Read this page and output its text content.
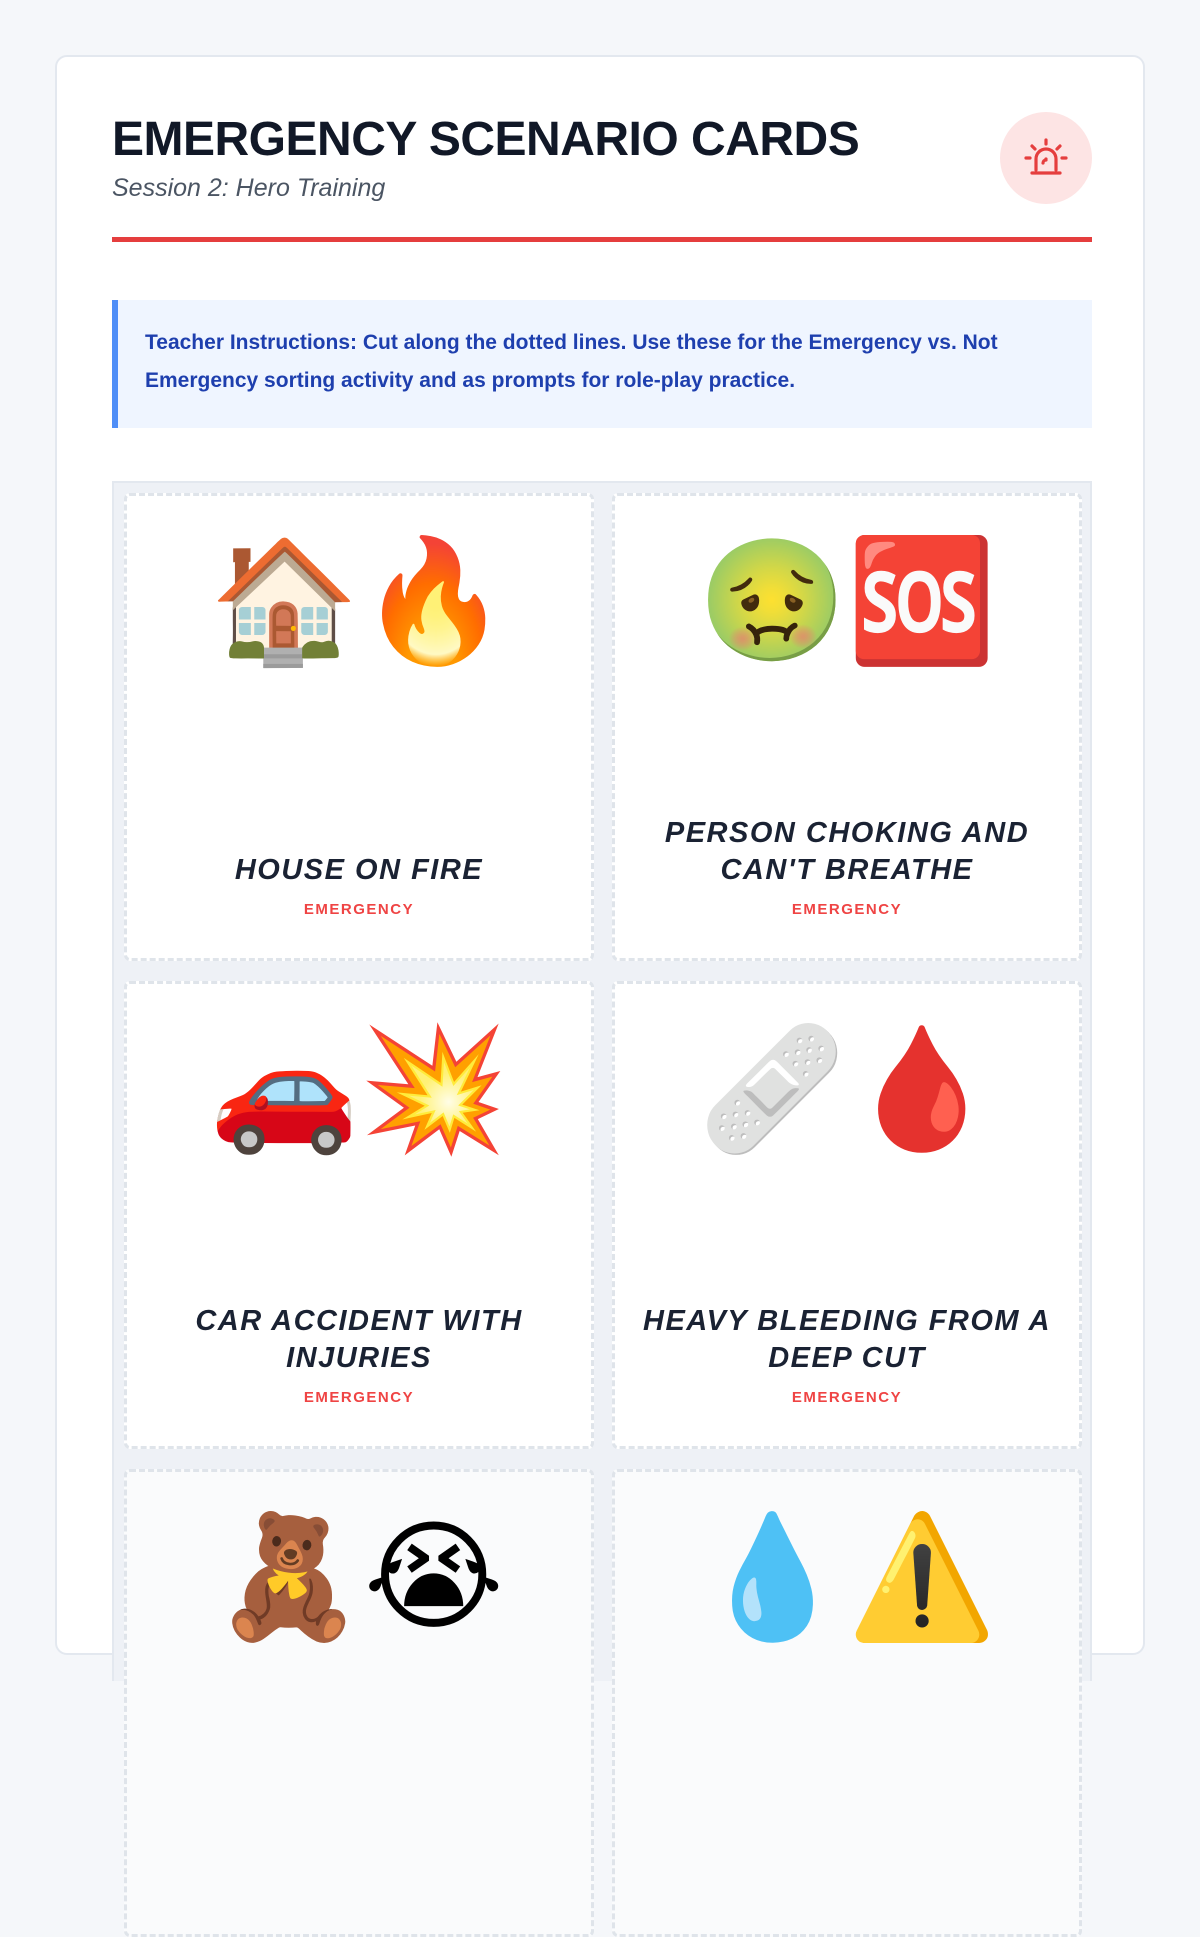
EMERGENCY SCENARIO CARDS
Session 2: Hero Training
Teacher Instructions: Cut along the dotted lines. Use these for the Emergency vs. Not Emergency sorting activity and as prompts for role-play practice.
🏠🔥
HOUSE ON FIRE
EMERGENCY
🤢🆘
PERSON CHOKING AND CAN'T BREATHE
EMERGENCY
🚗💥
CAR ACCIDENT WITH INJURIES
EMERGENCY
🩹🩸
HEAVY BLEEDING FROM A DEEP CUT
EMERGENCY
🧸😭	💧⚠️
